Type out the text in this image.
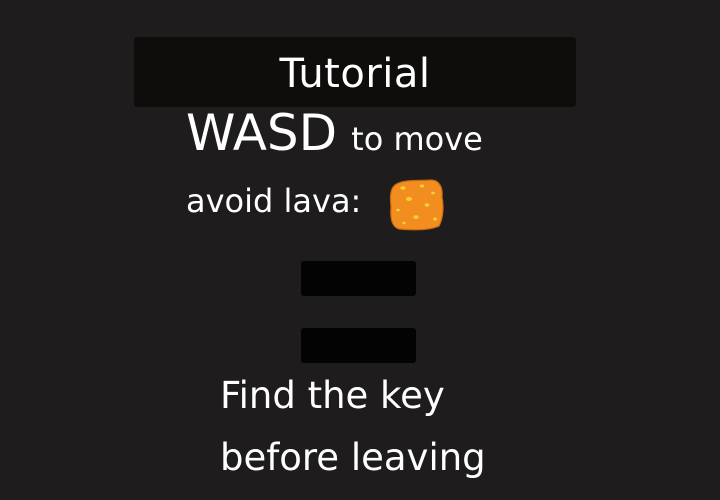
Tutorial
WASD to move
avoid lava:
Find the key
before leaving
